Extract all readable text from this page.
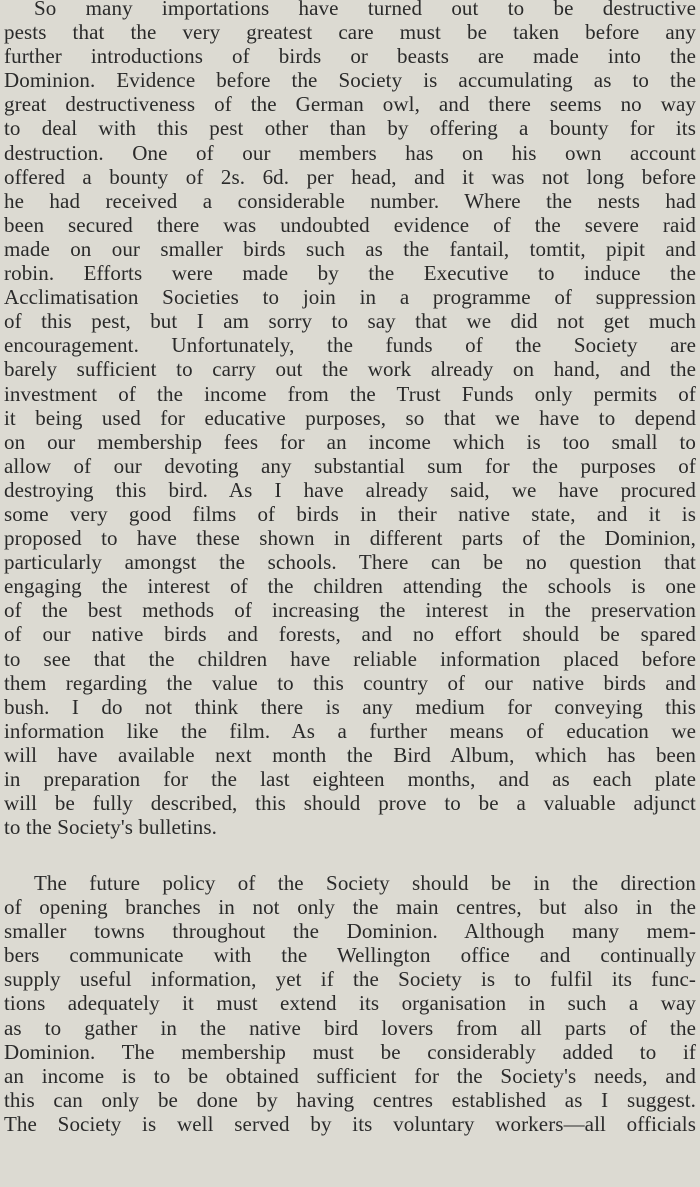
So many importations have turned out to be destructive
pests that the very greatest care must be taken before any
further introductions of birds or beasts are made into the
Dominion. Evidence before the Society is accumulating as to the
great destructiveness of the German owl, and there seems no way
to deal with this pest other than by offering a bounty for its
destruction. One of our members has on his own account
offered a bounty of 2s. 6d. per head, and it was not long before
he had received a considerable number. Where the nests had
been secured there was undoubted evidence of the severe raid
made on our smaller birds such as the fantail, tomtit, pipit and
robin. Efforts were made by the Executive to induce the
Acclimatisation Societies to join in a programme of suppression
of this pest, but I am sorry to say that we did not get much
encouragement. Unfortunately, the funds of the Society are
barely sufficient to carry out the work already on hand, and the
investment of the income from the Trust Funds only permits of
it being used for educative purposes, so that we have to depend
on our membership fees for an income which is too small to
allow of our devoting any substantial sum for the purposes of
destroying this bird. As I have already said, we have procured
some very good films of birds in their native state, and it is
proposed to have these shown in different parts of the Dominion,
particularly amongst the schools. There can be no question that
engaging the interest of the children attending the schools is one
of the best methods of increasing the interest in the preservation
of our native birds and forests, and no effort should be spared
to see that the children have reliable information placed before
them regarding the value to this country of our native birds and
bush. I do not think there is any medium for conveying this
information like the film. As a further means of education we
will have available next month the Bird Album, which has been
in preparation for the last eighteen months, and as each plate
will be fully described, this should prove to be a valuable adjunct
to the Society's bulletins.
The future policy of the Society should be in the direction
of opening branches in not only the main centres, but also in the
smaller towns throughout the Dominion. Although many mem-
bers communicate with the Wellington office and continually
supply useful information, yet if the Society is to fulfil its func-
tions adequately it must extend its organisation in such a way
as to gather in the native bird lovers from all parts of the
Dominion. The membership must be considerably added to if
an income is to be obtained sufficient for the Society's needs, and
this can only be done by having centres established as I suggest.
The Society is well served by its voluntary workers—all officials
